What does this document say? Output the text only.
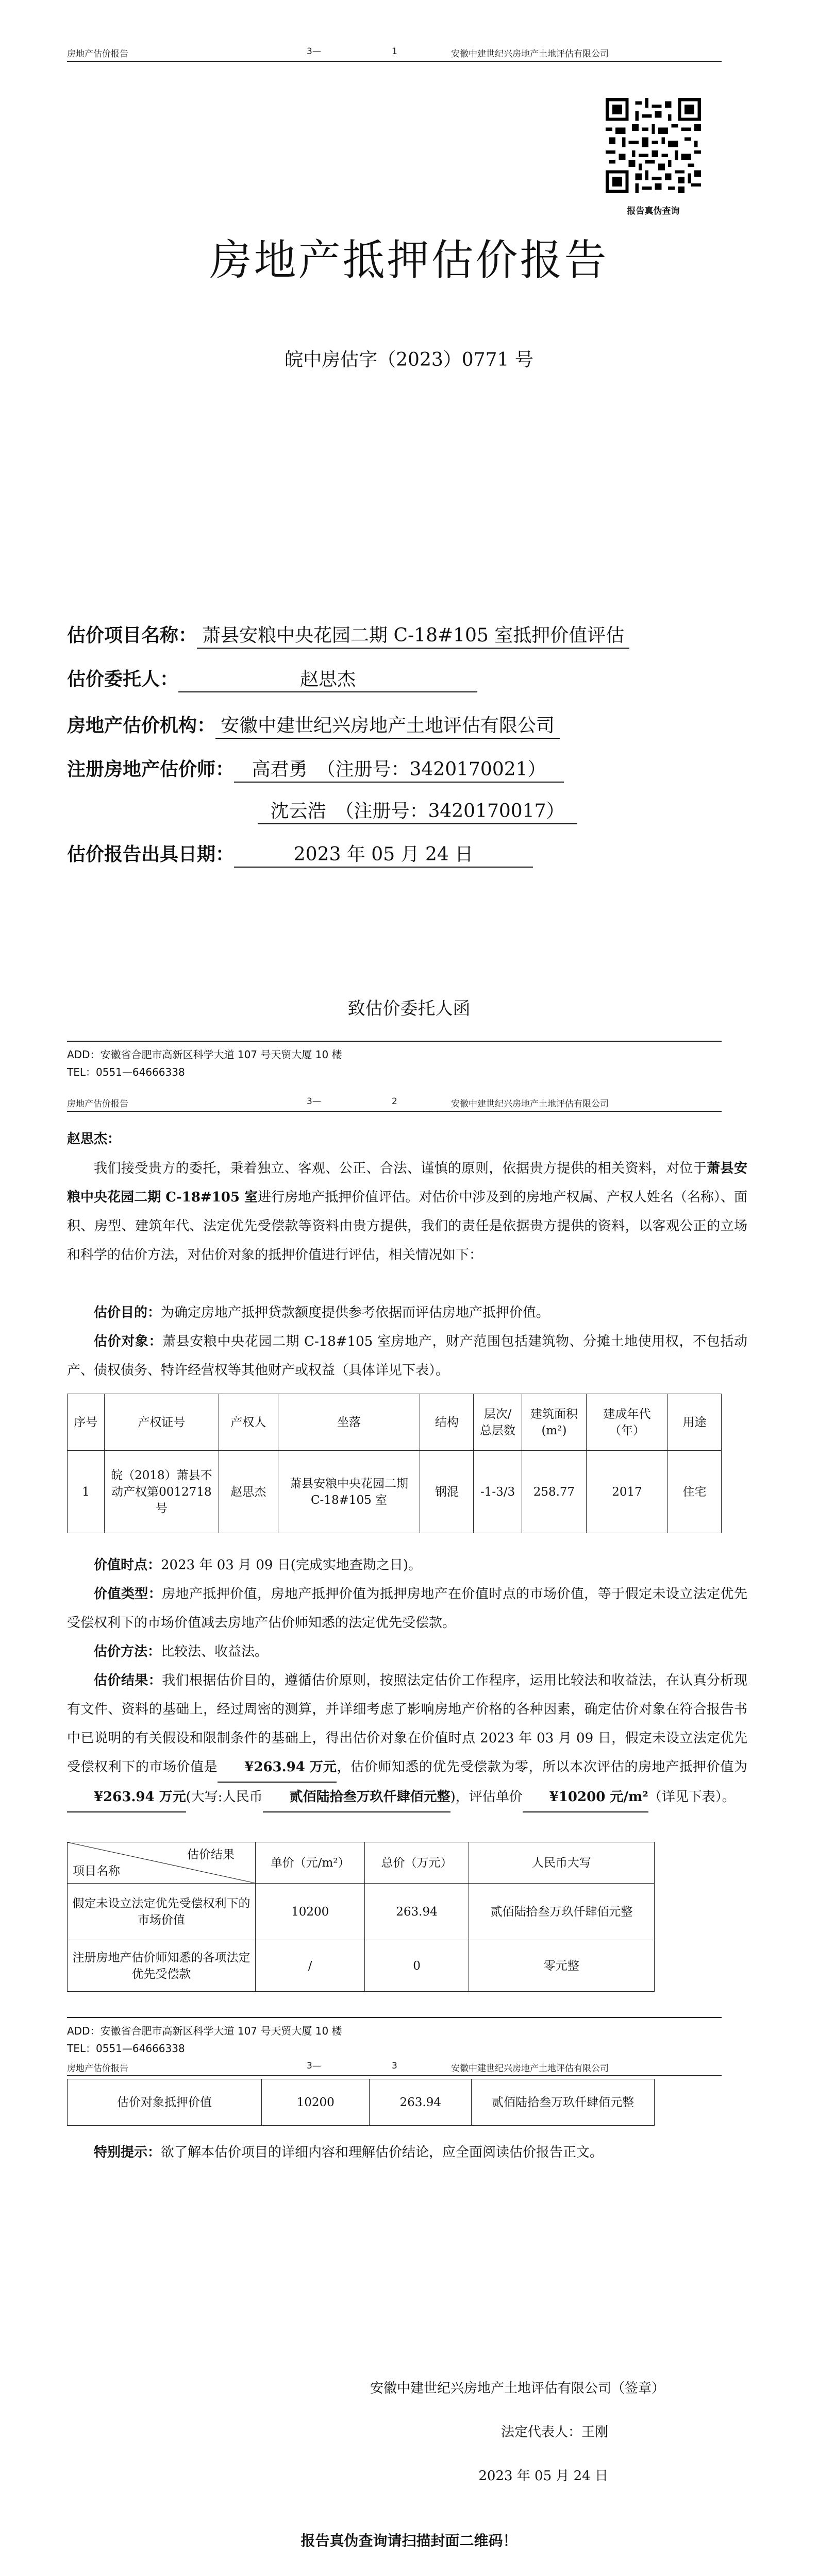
房地产估价报告	3—	1	安徽中建世纪兴房地产土地评估有限公司
报告真伪查询
房地产抵押估价报告
皖中房估字（2023）0771 号
估价项目名称： 萧县安粮中央花园二期 C-18#105 室抵押价值评估
估价委托人：	赵思杰
房地产估价机构： 安徽中建世纪兴房地产土地评估有限公司
注册房地产估价师： 高君勇　（注册号：3420170021）
沈云浩　（注册号：3420170017）
估价报告出具日期：	2023 年 05 月 24 日
致估价委托人函
ADD：安徽省合肥市高新区科学大道 107 号天贸大厦 10 楼
TEL：0551—64666338
房地产估价报告	3—	2	安徽中建世纪兴房地产土地评估有限公司
赵思杰：
我们接受贵方的委托，秉着独立、客观、公正、合法、谨慎的原则，依据贵方提供的相关资料，对位于萧县安粮中央花园二期 C-18#105 室进行房地产抵押价值评估。对估价中涉及到的房地产权属、产权人姓名（名称）、面积、房型、建筑年代、法定优先受偿款等资料由贵方提供，我们的责任是依据贵方提供的资料，以客观公正的立场和科学的估价方法，对估价对象的抵押价值进行评估，相关情况如下：
估价目的：为确定房地产抵押贷款额度提供参考依据而评估房地产抵押价值。
估价对象：萧县安粮中央花园二期 C-18#105 室房地产，财产范围包括建筑物、分摊土地使用权，不包括动产、债权债务、特许经营权等其他财产或权益（具体详见下表）。
序号	产权证号	产权人	坐落	结构	层次/总层数	建筑面积(m²)	建成年代（年）	用途
1	皖（2018）萧县不动产权第0012718 号	赵思杰	萧县安粮中央花园二期 C-18#105 室	钢混	-1-3/3	258.77	2017	住宅
价值时点：2023 年 03 月 09 日(完成实地查勘之日)。
价值类型：房地产抵押价值，房地产抵押价值为抵押房地产在价值时点的市场价值，等于假定未设立法定优先受偿权利下的市场价值减去房地产估价师知悉的法定优先受偿款。
估价方法：比较法、收益法。
估价结果：我们根据估价目的，遵循估价原则，按照法定估价工作程序，运用比较法和收益法，在认真分析现有文件、资料的基础上，经过周密的测算，并详细考虑了影响房地产价格的各种因素，确定估价对象在符合报告书中已说明的有关假设和限制条件的基础上，得出估价对象在价值时点 2023 年 03 月 09 日，假定未设立法定优先受偿权利下的市场价值是 ¥263.94 万元，估价师知悉的优先受偿款为零，所以本次评估的房地产抵押价值为¥263.94 万元(大写:人民币 贰佰陆拾叁万玖仟肆佰元整)，评估单价 ¥10200 元/m²（详见下表）。
估价结果
项目名称	单价（元/m²）	总价（万元）	人民币大写
假定未设立法定优先受偿权利下的市场价值	10200	263.94	贰佰陆拾叁万玖仟肆佰元整
注册房地产估价师知悉的各项法定优先受偿款	/	0	零元整
ADD：安徽省合肥市高新区科学大道 107 号天贸大厦 10 楼
TEL：0551—64666338
房地产估价报告	3—	3	安徽中建世纪兴房地产土地评估有限公司
估价对象抵押价值	10200	263.94	贰佰陆拾叁万玖仟肆佰元整
特别提示：欲了解本估价项目的详细内容和理解估价结论，应全面阅读估价报告正文。
安徽中建世纪兴房地产土地评估有限公司（签章）
法定代表人：王刚
2023 年 05 月 24 日
报告真伪查询请扫描封面二维码！
